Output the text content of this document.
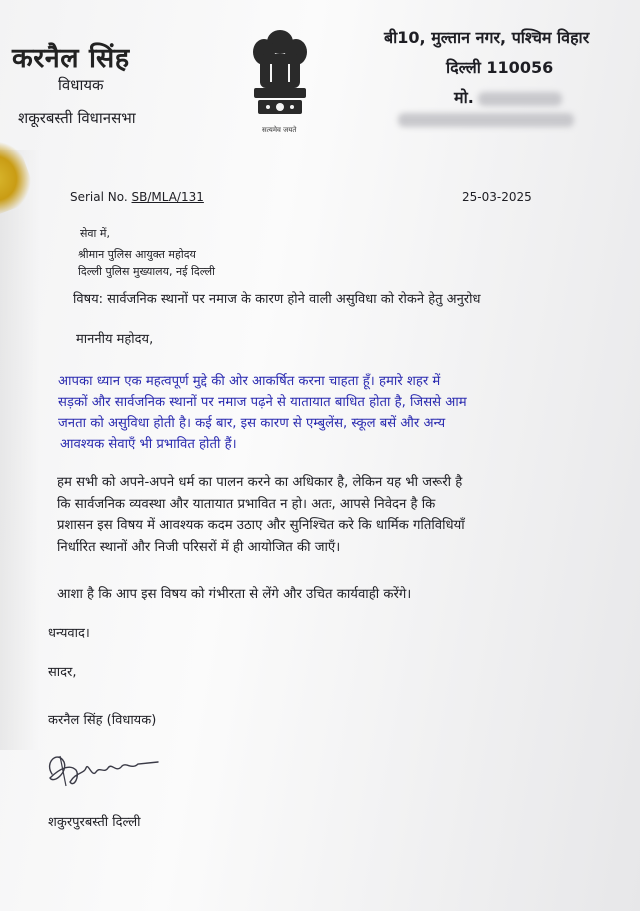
करनैल सिंह
विधायक
शकूरबस्ती विधानसभा
सत्यमेव जयते
बी10, मुल्तान नगर, पश्चिम विहार
दिल्ली 110056
मो.
Serial No. SB/MLA/131	25-03-2025
सेवा में,
श्रीमान पुलिस आयुक्त महोदय
दिल्ली पुलिस मुख्यालय, नई दिल्ली
विषय: सार्वजनिक स्थानों पर नमाज के कारण होने वाली असुविधा को रोकने हेतु अनुरोध
माननीय महोदय,
आपका ध्यान एक महत्वपूर्ण मुद्दे की ओर आकर्षित करना चाहता हूँ। हमारे शहर में
सड़कों और सार्वजनिक स्थानों पर नमाज पढ़ने से यातायात बाधित होता है, जिससे आम
जनता को असुविधा होती है। कई बार, इस कारण से एम्बुलेंस, स्कूल बसें और अन्य
आवश्यक सेवाएँ भी प्रभावित होती हैं।
हम सभी को अपने-अपने धर्म का पालन करने का अधिकार है, लेकिन यह भी जरूरी है
कि सार्वजनिक व्यवस्था और यातायात प्रभावित न हो। अतः, आपसे निवेदन है कि
प्रशासन इस विषय में आवश्यक कदम उठाए और सुनिश्चित करे कि धार्मिक गतिविधियाँ
निर्धारित स्थानों और निजी परिसरों में ही आयोजित की जाएँ।
आशा है कि आप इस विषय को गंभीरता से लेंगे और उचित कार्यवाही करेंगे।
धन्यवाद।
सादर,
करनैल सिंह (विधायक)
शकुरपुरबस्ती दिल्ली
